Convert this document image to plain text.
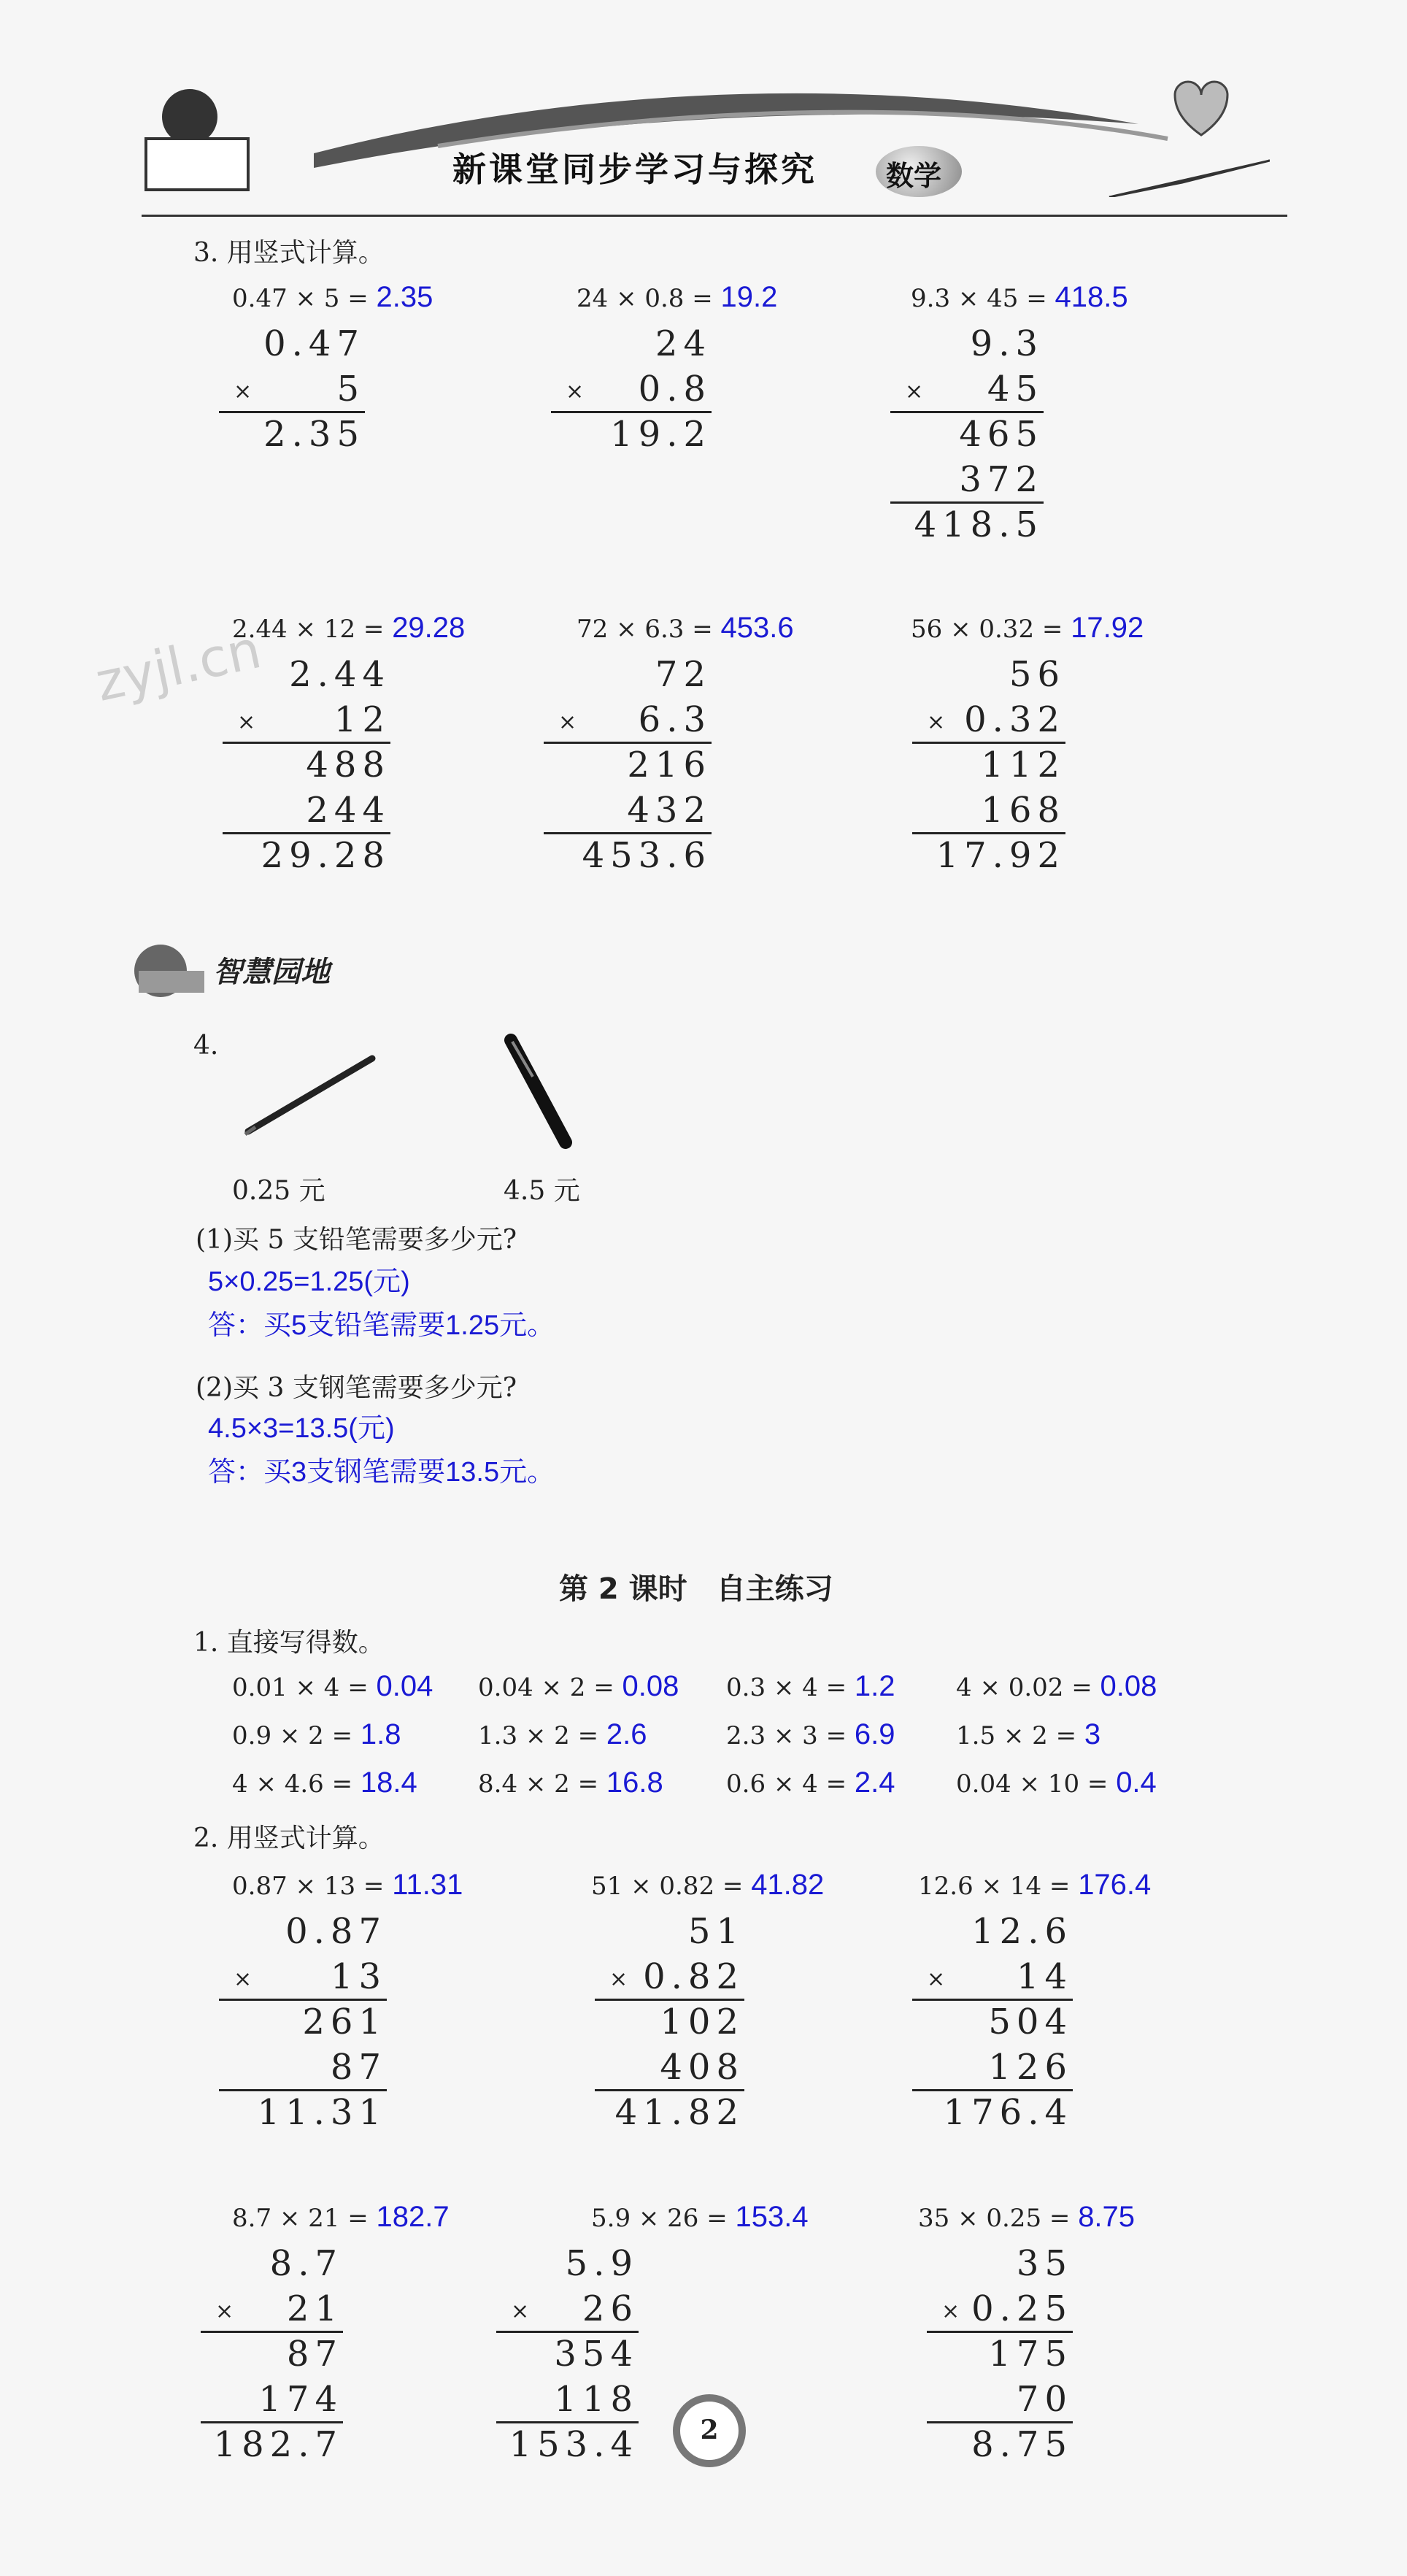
新课堂同步学习与探究 数学
zyjl.cn
3. 用竖式计算。
0.47 × 5 = 2.35
0.47
5
×
2.35
24 × 0.8 = 19.2
24
0.8
×
19.2
9.3 × 45 = 418.5
9.3
45
×
465
372
418.5
2.44 × 12 = 29.28
2.44
12
×
488
244
29.28
72 × 6.3 = 453.6
72
6.3
×
216
432
453.6
56 × 0.32 = 17.92
56
0.32
×
112
168
17.92
智慧园地
4.
0.25 元	4.5 元
(1)买 5 支铅笔需要多少元?
5×0.25=1.25(元)
答：买5支铅笔需要1.25元。
(2)买 3 支钢笔需要多少元?
4.5×3=13.5(元)
答：买3支钢笔需要13.5元。
第 2 课时　自主练习
1. 直接写得数。
0.01 × 4 = 0.04 0.04 × 2 = 0.08 0.3 × 4 = 1.2 4 × 0.02 = 0.08
0.9 × 2 = 1.8	1.3 × 2 = 2.6	2.3 × 3 = 6.9 1.5 × 2 = 3
4 × 4.6 = 18.4 8.4 × 2 = 16.8	0.6 × 4 = 2.4 0.04 × 10 = 0.4
2. 用竖式计算。
0.87 × 13 = 11.31
0.87
13
×
261
87
11.31
51 × 0.82 = 41.82
51
0.82
×
102
408
41.82
12.6 × 14 = 176.4
12.6
14
×
504
126
176.4
8.7 × 21 = 182.7
8.7
21
×
87
174
182.7
5.9 × 26 = 153.4
5.9
26
×
354
118
153.4
35 × 0.25 = 8.75
35
0.25
×
175
70
8.75
2
